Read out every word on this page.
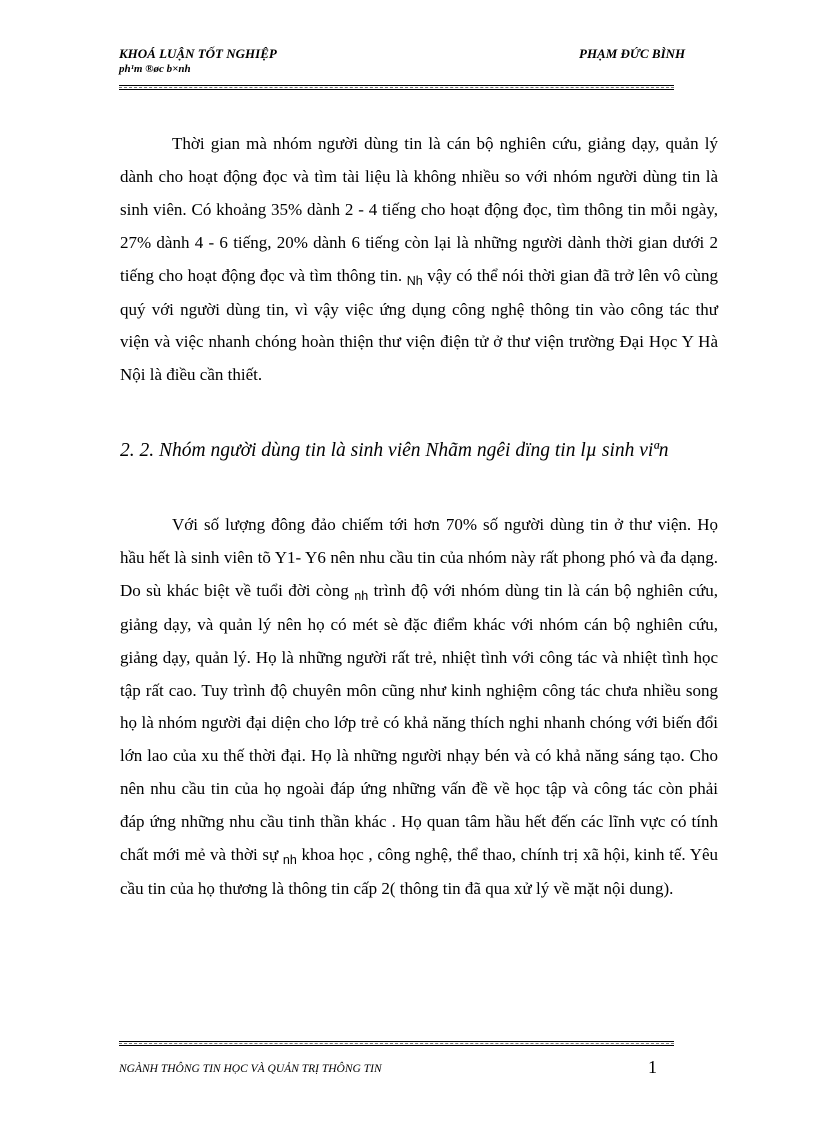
KHOÁ LUẬN TỐT NGHIỆP
ph¹m ®øc b×nh
PHẠM ĐỨC BÌNH

Thời gian mà nhóm người dùng tin là cán bộ nghiên cứu, giảng dạy, quản lý dành cho hoạt động đọc và tìm tài liệu là không nhiều so với nhóm người dùng tin là sinh viên. Có khoảng 35% dành 2 - 4 tiếng cho hoạt động đọc, tìm thông tin mỗi ngày, 27% dành 4 - 6 tiếng, 20% dành 6 tiếng còn lại là những người dành thời gian dưới 2 tiếng cho hoạt động đọc và tìm thông tin. $_{Nh}$ vậy có thể nói thời gian đã trở lên vô cùng quý với người dùng tin, vì vậy việc ứng dụng công nghệ thông tin vào công tác thư viện và việc nhanh chóng hoàn thiện thư viện điện tử ở thư viện trường Đại Học Y Hà Nội là điều cần thiết.

2. 2. Nhóm người dùng tin là sinh viên Nhãm ngêi dïng tin lµ sinh viªn

Với số lượng đông đảo chiếm tới hơn 70% số người dùng tin ở thư viện. Họ hầu hết là sinh viên tõ Y1- Y6 nên nhu cầu tin của nhóm này rất phong phó và đa dạng. Do sù khác biệt về tuổi đời còng $_{nh}$ trình độ với nhóm dùng tin là cán bộ nghiên cứu, giảng dạy, và quản lý nên họ có mét sè đặc điểm khác với nhóm cán bộ nghiên cứu, giảng dạy, quản lý. Họ là những người rất trẻ, nhiệt tình với công tác và nhiệt tình học tập rất cao. Tuy trình độ chuyên môn cũng như kinh nghiệm công tác chưa nhiều song họ là nhóm người đại diện cho lớp trẻ có khả năng thích nghi nhanh chóng với biến đổi lớn lao của xu thế thời đại. Họ là những người nhạy bén và có khả năng sáng tạo. Cho nên nhu cầu tin của họ ngoài đáp ứng những vấn đề về học tập và công tác còn phải đáp ứng những nhu cầu tinh thần khác . Họ quan tâm hầu hết đến các lĩnh vực có tính chất mới mẻ và thời sự $_{nh}$ khoa học , công nghệ, thể thao, chính trị xã hội, kinh tế. Yêu cầu tin của họ thương là thông tin cấp 2( thông tin đã qua xử lý về mặt nội dung).

NGÀNH THÔNG TIN HỌC VÀ QUẢN TRỊ THÔNG TIN	1
